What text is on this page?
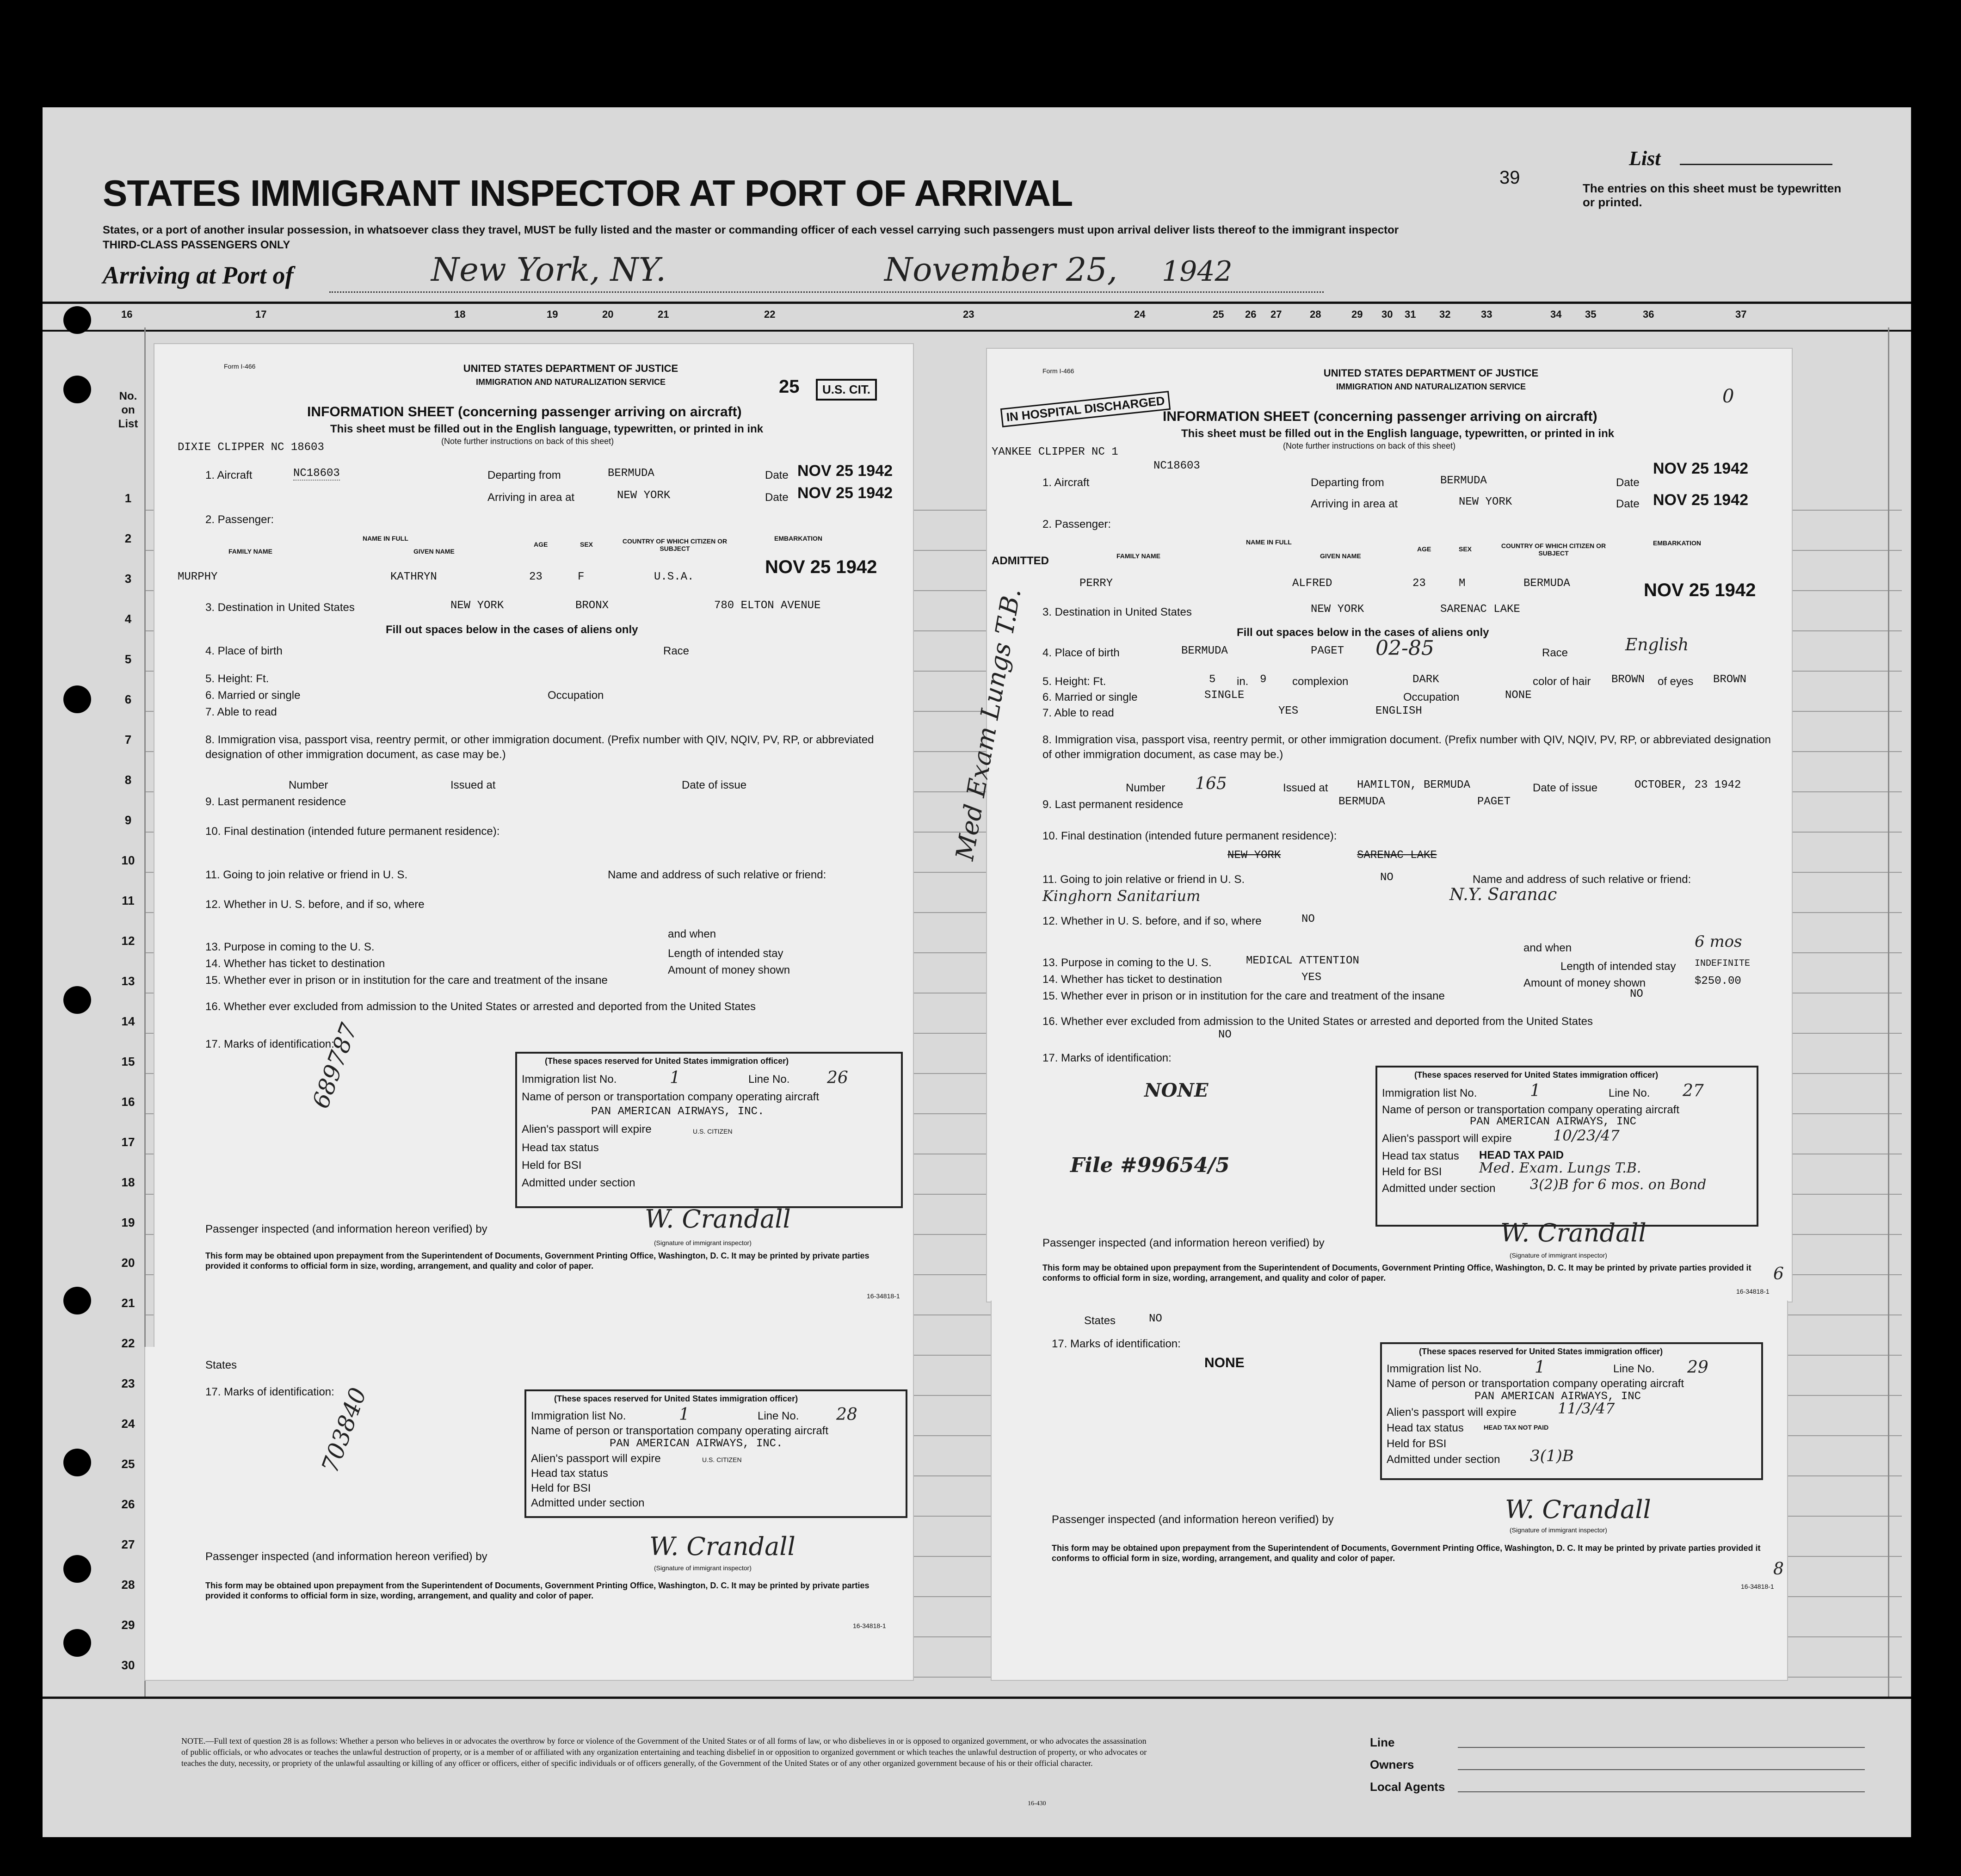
STATES IMMIGRANT INSPECTOR AT PORT OF ARRIVAL
List
39
The entries on this sheet must be typewritten or printed.
States, or a port of another insular possession, in whatsoever class they travel, MUST be fully listed and the master or commanding officer of each vessel carrying such passengers must upon arrival deliver lists thereof to the immigrant inspector
THIRD-CLASS PASSENGERS ONLY
Arriving at Port of	New York, NY.	November 25, 1942
16	17	18	19	20	21	22	23	24	25 26 27	28	29 30 31 32	33	34 35	36	37
No. on List
1
2
3
4
5
6
7
8
9
10
11
12
13
14
15
16
17
18
19
20
21
22
23
24
25
26
27
28
29
30
Form I-466	UNITED STATES DEPARTMENT OF JUSTICE
IMMIGRATION AND NATURALIZATION SERVICE	25	U.S. CIT.
INFORMATION SHEET (concerning passenger arriving on aircraft)
This sheet must be filled out in the English language, typewritten, or printed in ink
(Note further instructions on back of this sheet)
DIXIE CLIPPER NC 18603
1. Aircraft	NC18603	Departing from	BERMUDA	Date NOV 25 1942
Arriving in area at	NEW YORK	Date NOV 25 1942
2. Passenger:
NAME IN FULL
FAMILY NAME	GIVEN NAME
AGE	SEX	COUNTRY OF WHICH CITIZEN OR SUBJECT
EMBARKATION
MURPHY	KATHRYN	23	F	U.S.A.	NOV 25 1942
3. Destination in United States	NEW YORK	BRONX	780 ELTON AVENUE
Fill out spaces below in the cases of aliens only
4. Place of birth	Race
5. Height: Ft.
6. Married or single	Occupation
7. Able to read
8. Immigration visa, passport visa, reentry permit, or other immigration document. (Prefix number with QIV, NQIV, PV, RP, or abbreviated designation of other immigration document, as case may be.)
Number	Issued at	Date of issue
9. Last permanent residence
10. Final destination (intended future permanent residence):
11. Going to join relative or friend in U. S.	Name and address of such relative or friend:
12. Whether in U. S. before, and if so, where
and when
13. Purpose in coming to the U. S.
Length of intended stay
14. Whether has ticket to destination
Amount of money shown
15. Whether ever in prison or in institution for the care and treatment of the insane
16. Whether ever excluded from admission to the United States or arrested and deported from the United States
17. Marks of identification:
689787	(These spaces reserved for United States immigration officer)
Immigration list No.	1	Line No. 26
Name of person or transportation company operating aircraft
PAN AMERICAN AIRWAYS, INC.
Alien's passport will expire	U.S. CITIZEN
Head tax status
Held for BSI
Admitted under section
Passenger inspected (and information hereon verified) by	W. Crandall
(Signature of immigrant inspector)
This form may be obtained upon prepayment from the Superintendent of Documents, Government Printing Office, Washington, D. C. It may be printed by private parties provided it conforms to official form in size, wording, arrangement, and quality and color of paper.
16-34818-1
States
17. Marks of identification:
703840	(These spaces reserved for United States immigration officer)
Immigration list No.	1	Line No. 28
Name of person or transportation company operating aircraft
PAN AMERICAN AIRWAYS, INC.
Alien's passport will expire	U.S. CITIZEN
Head tax status
Held for BSI
Admitted under section
Passenger inspected (and information hereon verified) by	W. Crandall
(Signature of immigrant inspector)
This form may be obtained upon prepayment from the Superintendent of Documents, Government Printing Office, Washington, D. C. It may be printed by private parties provided it conforms to official form in size, wording, arrangement, and quality and color of paper.
16-34818-1
Form I-466	UNITED STATES DEPARTMENT OF JUSTICE
IMMIGRATION AND NATURALIZATION SERVICE
IN HOSPITAL DISCHARGED	0
INFORMATION SHEET (concerning passenger arriving on aircraft)
This sheet must be filled out in the English language, typewritten, or printed in ink
(Note further instructions on back of this sheet)
YANKEE CLIPPER NC 1
NC18603
1. Aircraft	Departing from	BERMUDA	Date
NOV 25 1942
Arriving in area at	NEW YORK	Date NOV 25 1942
2. Passenger:
NAME IN FULL
FAMILY NAME	GIVEN NAME
AGE	SEX	COUNTRY OF WHICH CITIZEN OR SUBJECT
EMBARKATION
ADMITTED
PERRY	ALFRED	23	M	BERMUDA	NOV 25 1942
3. Destination in United States	NEW YORK	SARENAC LAKE
Fill out spaces below in the cases of aliens only
4. Place of birth	BERMUDA	PAGET 02-85	Race	English
5. Height: Ft.	5 in. 9 complexion	DARK	color of hair BROWN of eyes BROWN
6. Married or single	SINGLE	Occupation	NONE
7. Able to read	YES	ENGLISH
8. Immigration visa, passport visa, reentry permit, or other immigration document. (Prefix number with QIV, NQIV, PV, RP, or abbreviated designation of other immigration document, as case may be.)
Number 165	Issued at	HAMILTON, BERMUDA	Date of issue	OCTOBER, 23 1942
9. Last permanent residence	BERMUDA	PAGET
10. Final destination (intended future permanent residence):
NEW YORK	SARENAC LAKE
11. Going to join relative or friend in U. S.	NO	Name and address of such relative or friend:
Kinghorn Sanitarium	N.Y. Saranac
12. Whether in U. S. before, and if so, where	NO
and when	6 mos
13. Purpose in coming to the U. S.	MEDICAL ATTENTION	Length of intended stay INDEFINITE
14. Whether has ticket to destination	YES	Amount of money shown	$250.00
15. Whether ever in prison or in institution for the care and treatment of the insane	NO
16. Whether ever excluded from admission to the United States or arrested and deported from the United States
NO
17. Marks of identification:
NONE
File #99654/5
Med Exam Lungs T.B.
(These spaces reserved for United States immigration officer)
Immigration list No.	1	Line No. 27
Name of person or transportation company operating aircraft
PAN AMERICAN AIRWAYS, INC
Alien's passport will expire	10/23/47
Head tax status HEAD TAX PAID
Held for BSI	Med. Exam. Lungs T.B.
Admitted under section 3(2)B for 6 mos. on Bond
Passenger inspected (and information hereon verified) by	W. Crandall
(Signature of immigrant inspector)
This form may be obtained upon prepayment from the Superintendent of Documents, Government Printing Office, Washington, D. C. It may be printed by private parties provided it conforms to official form in size, wording, arrangement, and quality and color of paper.	6
16-34818-1
States	NO
17. Marks of identification:
NONE
(These spaces reserved for United States immigration officer)
Immigration list No.	1	Line No. 29
Name of person or transportation company operating aircraft
PAN AMERICAN AIRWAYS, INC
Alien's passport will expire	11/3/47
Head tax status	HEAD TAX NOT PAID
Held for BSI
Admitted under section 3(1)B
Passenger inspected (and information hereon verified) by	W. Crandall
(Signature of immigrant inspector)
This form may be obtained upon prepayment from the Superintendent of Documents, Government Printing Office, Washington, D. C. It may be printed by private parties provided it conforms to official form in size, wording, arrangement, and quality and color of paper.
8
16-34818-1
NOTE.—Full text of question 28 is as follows: Whether a person who believes in or advocates the overthrow by force or violence of the Government of the United States or of all forms of law, or who disbelieves in or is opposed to organized government, or who advocates the assassination of public officials, or who advocates or teaches the unlawful destruction of property, or is a member of or affiliated with any organization entertaining and teaching disbelief in or opposition to organized government or which teaches the unlawful destruction of property, or who advocates or teaches the duty, necessity, or propriety of the unlawful assaulting or killing of any officer or officers, either of specific individuals or of officers generally, of the Government of the United States or of any other organized government because of his or their official character.
16-430
Line
Owners
Local Agents
